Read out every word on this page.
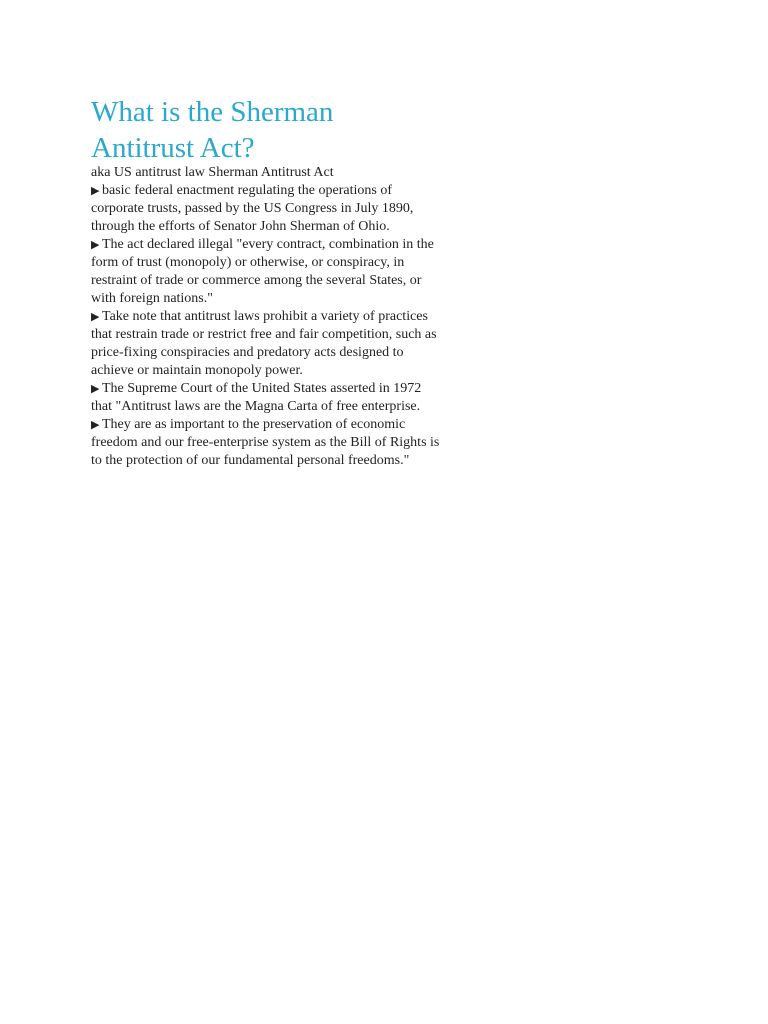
What is the Sherman
Antitrust Act?
aka US antitrust law Sherman Antitrust Act
▶ basic federal enactment regulating the operations of
corporate trusts, passed by the US Congress in July 1890,
through the efforts of Senator John Sherman of Ohio.
▶ The act declared illegal "every contract, combination in the
form of trust (monopoly) or otherwise, or conspiracy, in
restraint of trade or commerce among the several States, or
with foreign nations."
▶ Take note that antitrust laws prohibit a variety of practices
that restrain trade or restrict free and fair competition, such as
price-fixing conspiracies and predatory acts designed to
achieve or maintain monopoly power.
▶ The Supreme Court of the United States asserted in 1972
that "Antitrust laws are the Magna Carta of free enterprise.
▶ They are as important to the preservation of economic
freedom and our free-enterprise system as the Bill of Rights is
to the protection of our fundamental personal freedoms."
